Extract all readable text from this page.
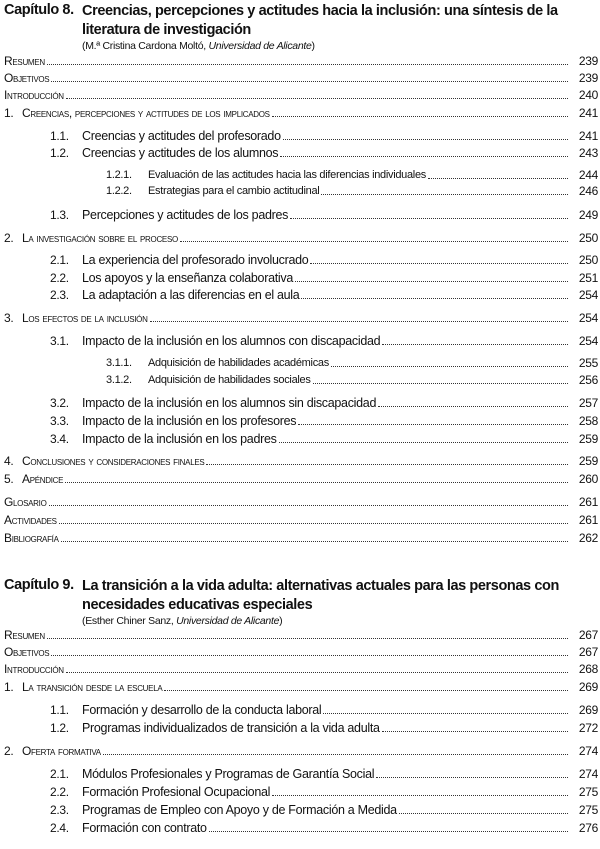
Capítulo 8. Creencias, percepciones y actitudes hacia la inclusión: una síntesis de la literatura de investigación
(M.ª Cristina Cardona Moltó, Universidad de Alicante)
Resumen	239
Objetivos	239
Introducción	240
1. Creencias, percepciones y actitudes de los implicados	241
1.1.	Creencias y actitudes del profesorado	241
1.2.	Creencias y actitudes de los alumnos	243
1.2.1.	Evaluación de las actitudes hacia las diferencias individuales	244
1.2.2.	Estrategias para el cambio actitudinal	246
1.3.	Percepciones y actitudes de los padres	249
2. La investigación sobre el proceso	250
2.1.	La experiencia del profesorado involucrado	250
2.2.	Los apoyos y la enseñanza colaborativa	251
2.3.	La adaptación a las diferencias en el aula	254
3. Los efectos de la inclusión	254
3.1.	Impacto de la inclusión en los alumnos con discapacidad	254
3.1.1.	Adquisición de habilidades académicas	255
3.1.2.	Adquisición de habilidades sociales	256
3.2.	Impacto de la inclusión en los alumnos sin discapacidad	257
3.3.	Impacto de la inclusión en los profesores	258
3.4.	Impacto de la inclusión en los padres	259
4. Conclusiones y consideraciones finales	259
5. Apéndice	260
Glosario	261
Actividades	261
Bibliografía	262
Capítulo 9. La transición a la vida adulta: alternativas actuales para las personas con necesidades educativas especiales
(Esther Chiner Sanz, Universidad de Alicante)
Resumen	267
Objetivos	267
Introducción	268
1. La transición desde la escuela	269
1.1.	Formación y desarrollo de la conducta laboral	269
1.2.	Programas individualizados de transición a la vida adulta	272
2. Oferta formativa	274
2.1.	Módulos Profesionales y Programas de Garantía Social	274
2.2.	Formación Profesional Ocupacional	275
2.3.	Programas de Empleo con Apoyo y de Formación a Medida	275
2.4.	Formación con contrato	276
